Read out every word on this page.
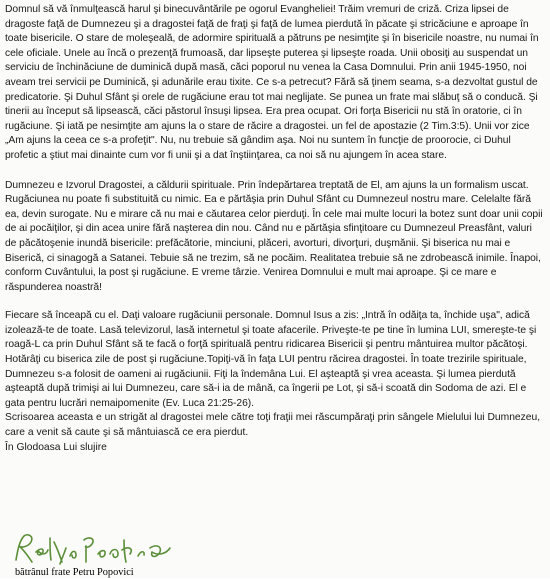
Domnul să vă înmulţească harul şi binecuvântările pe ogorul Evangheliei! Trăim vremuri de criză. Criza lipsei de dragoste faţă de Dumnezeu şi a dragostei faţă de fraţi şi faţă de lumea pierdută în păcate şi stricăciune e aproape în toate bisericile. O stare de moleşeală, de adormire spirituală a pătruns pe nesimţite şi în bisericile noastre, nu numai în cele oficiale. Unele au încă o prezenţă frumoasă, dar lipseşte puterea şi lipseşte roada. Unii obosiţi au suspendat un serviciu de închinăciune de duminică după masă, căci poporul nu venea la Casa Domnului. Prin anii 1945-1950, noi aveam trei servicii pe Duminică, şi adunările erau tixite. Ce s-a petrecut? Fără să ţinem seama, s-a dezvoltat gustul de predicatorie. Şi Duhul Sfânt şi orele de rugăciune erau tot mai neglijate. Se punea un frate mai slăbuţ să o conducă. Şi tinerii au început să lipsească, căci păstorul însuşi lipsea. Era prea ocupat. Ori forţa Bisericii nu stă în oratorie, ci în rugăciune. Şi iată pe nesimţite am ajuns la o stare de răcire a dragostei. un fel de apostazie (2 Tim.3:5). Unii vor zice „Am ajuns la ceea ce s-a profeţit". Nu, nu trebuie să gândim aşa. Noi nu suntem în funcţie de proorocie, ci Duhul profetic a ştiut mai dinainte cum vor fi unii şi a dat înştiinţarea, ca noi să nu ajungem în acea stare.

Dumnezeu e Izvorul Dragostei, a căldurii spirituale. Prin îndepărtarea treptată de El, am ajuns la un formalism uscat. Rugăciunea nu poate fi substituită cu nimic. Ea e părtăşia prin Duhul Sfânt cu Dumnezeul nostru mare. Celelalte fără ea, devin surogate. Nu e mirare că nu mai e căutarea celor pierduţi. În cele mai multe locuri la botez sunt doar unii copii de ai pocăiţilor, şi din acea unire fără naşterea din nou. Când nu e părtăşia sfinţitoare cu Dumnezeul Preasfânt, valuri de păcătoşenie inundă bisericile: prefăcătorie, minciuni, plăceri, avorturi, divorţuri, duşmănii. Şi biserica nu mai e Biserică, ci sinagogă a Satanei. Tebuie să ne trezim, să ne pocăim. Realitatea trebuie să ne zdrobească inimile. Înapoi, conform Cuvântului, la post şi rugăciune. E vreme târzie. Venirea Domnului e mult mai aproape. Şi ce mare e răspunderea noastră!

Fiecare să înceapă cu el. Daţi valoare rugăciunii personale. Domnul Isus a zis: „Intră în odăiţa ta, închide uşa", adică izolează-te de toate. Lasă televizorul, lasă internetul şi toate afacerile. Priveşte-te pe tine în lumina LUI, smereşte-te şi roagă-L ca prin Duhul Sfânt să te facă o forţă spirituală pentru ridicarea Bisericii şi pentru mântuirea multor păcătoşi. Hotărâţi cu biserica zile de post şi rugăciune.Topiţi-vă în faţa LUI pentru răcirea dragostei. În toate trezirile spirituale, Dumnezeu s-a folosit de oameni ai rugăciunii. Fiţi la îndemâna Lui. El aşteaptă şi vrea aceasta. Şi lumea pierdută aşteaptă după trimişi ai lui Dumnezeu, care să-i ia de mână, ca îngerii pe Lot, şi să-i scoată din Sodoma de azi. El e gata pentru lucrări nemaipomenite (Ev. Luca 21:25-26).

Scrisoarea aceasta e un strigăt al dragostei mele către toţi fraţii mei răscumpăraţi prin sângele Mielului lui Dumnezeu, care a venit să caute şi să mântuiască ce era pierdut.

În Glodoasa Lui slujire

bătrânul frate Petru Popovici
